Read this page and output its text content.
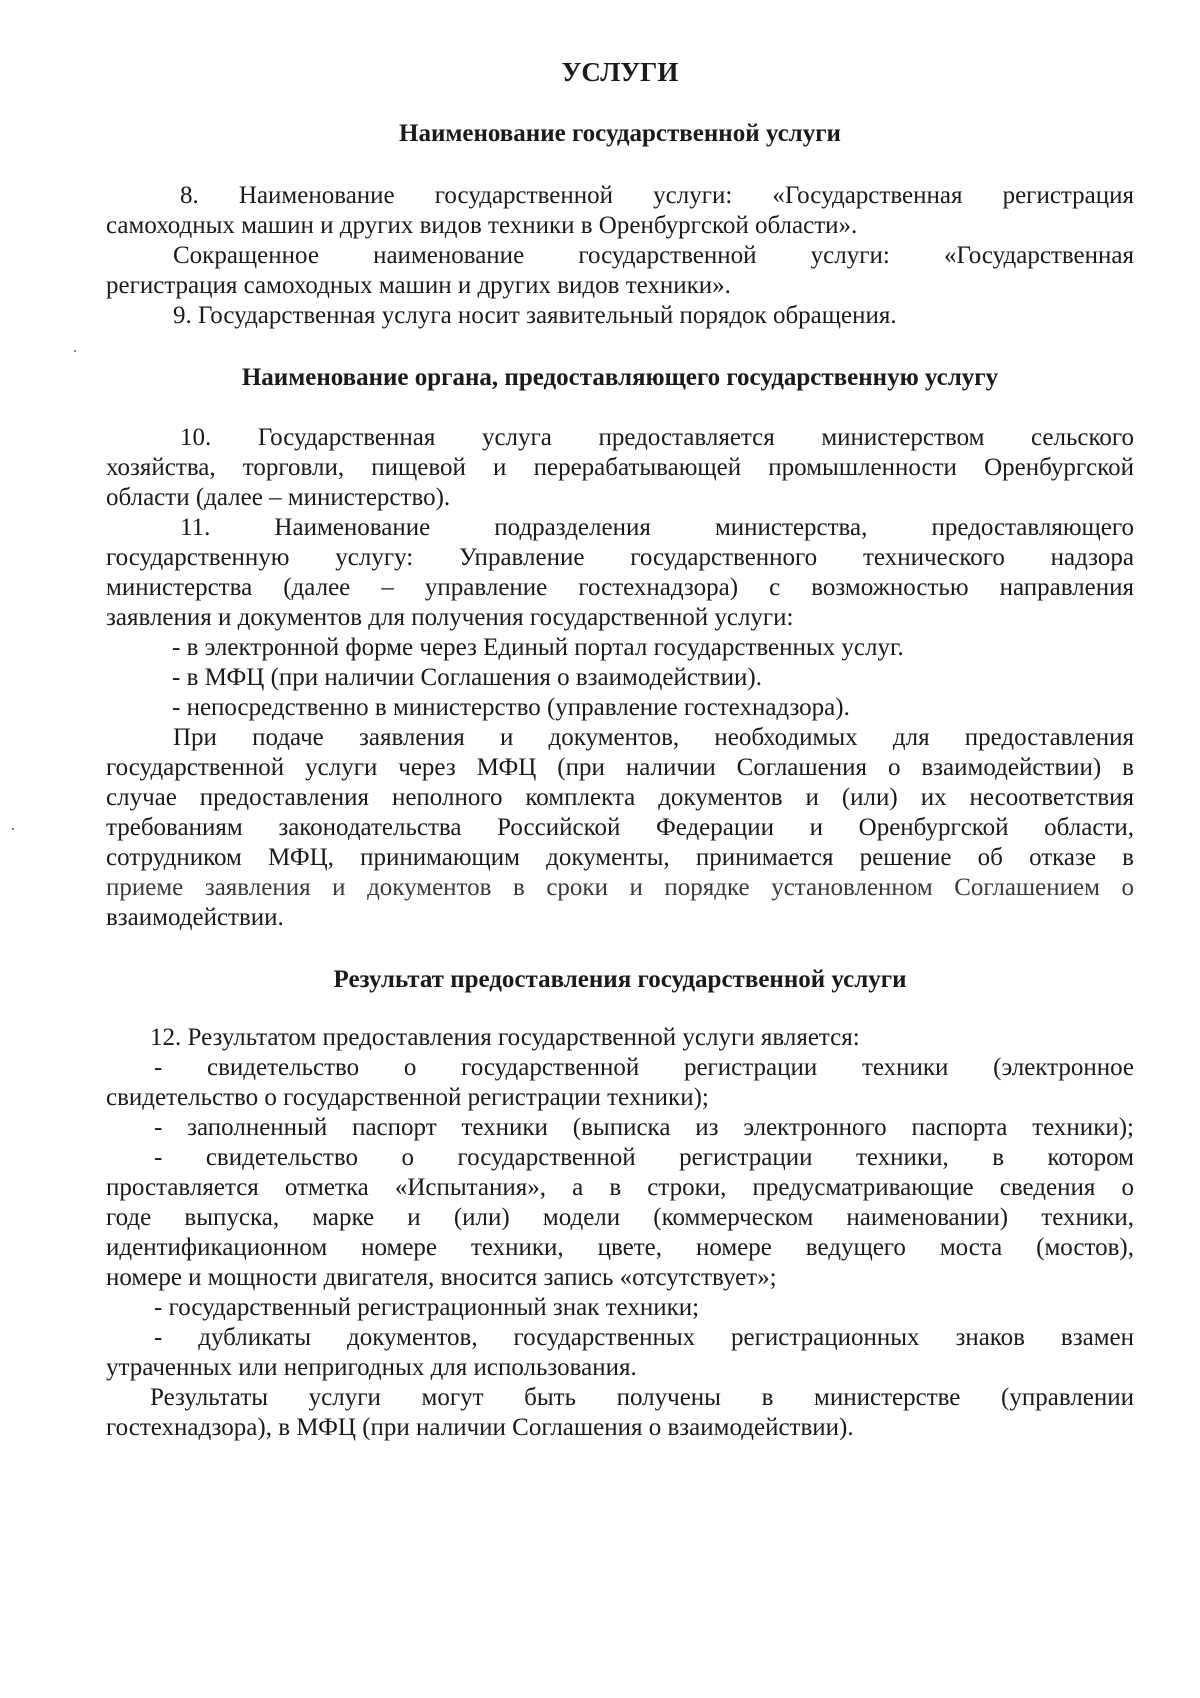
УСЛУГИ
Наименование государственной услуги
8. Наименование государственной услуги: «Государственная регистрация
самоходных машин и других видов техники в Оренбургской области».
Сокращенное наименование государственной услуги: «Государственная
регистрация самоходных машин и других видов техники».
9. Государственная услуга носит заявительный порядок обращения.
Наименование органа, предоставляющего государственную услугу
10. Государственная услуга предоставляется министерством сельского
хозяйства, торговли, пищевой и перерабатывающей промышленности Оренбургской
области (далее – министерство).
11. Наименование подразделения министерства, предоставляющего
государственную услугу: Управление государственного технического надзора
министерства (далее – управление гостехнадзора) с возможностью направления
заявления и документов для получения государственной услуги:
- в электронной форме через Единый портал государственных услуг.
- в МФЦ (при наличии Соглашения о взаимодействии).
- непосредственно в министерство (управление гостехнадзора).
При подаче заявления и документов, необходимых для предоставления
государственной услуги через МФЦ (при наличии Соглашения о взаимодействии) в
случае предоставления неполного комплекта документов и (или) их несоответствия
требованиям законодательства Российской Федерации и Оренбургской области,
сотрудником МФЦ, принимающим документы, принимается решение об отказе в
приеме заявления и документов в сроки и порядке установленном Соглашением о
взаимодействии.
Результат предоставления государственной услуги
12. Результатом предоставления государственной услуги является:
- свидетельство о государственной регистрации техники (электронное
свидетельство о государственной регистрации техники);
- заполненный паспорт техники (выписка из электронного паспорта техники);
- свидетельство о государственной регистрации техники, в котором
проставляется отметка «Испытания», а в строки, предусматривающие сведения о
годе выпуска, марке и (или) модели (коммерческом наименовании) техники,
идентификационном номере техники, цвете, номере ведущего моста (мостов),
номере и мощности двигателя, вносится запись «отсутствует»;
- государственный регистрационный знак техники;
- дубликаты документов, государственных регистрационных знаков взамен
утраченных или непригодных для использования.
Результаты услуги могут быть получены в министерстве (управлении
гостехнадзора), в МФЦ (при наличии Соглашения о взаимодействии).
